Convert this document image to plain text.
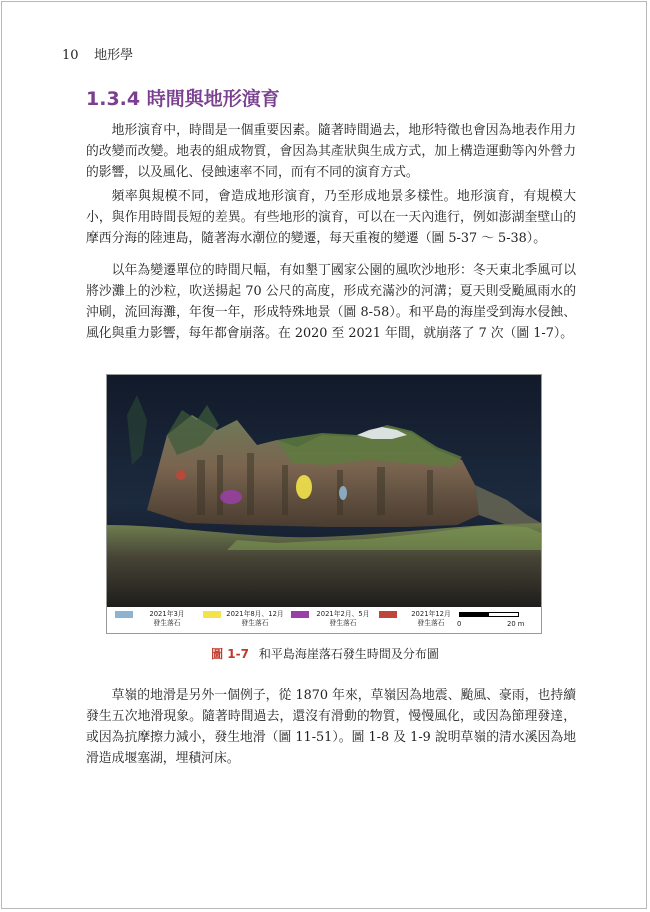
10 地形學
1.3.4 時間與地形演育

地形演育中，時間是一個重要因素。隨著時間過去，地形特徵也會因為地表作用力的改變而改變。地表的組成物質，會因為其產狀與生成方式，加上構造運動等內外營力的影響，以及風化、侵蝕速率不同，而有不同的演育方式。

頻率與規模不同，會造成地形演育，乃至形成地景多樣性。地形演育，有規模大小，與作用時間長短的差異。有些地形的演育，可以在一天內進行，例如澎湖奎壁山的摩西分海的陸連島，隨著海水潮位的變遷，每天重複的變遷（圖 5-37 ～ 5-38）。

以年為變遷單位的時間尺幅，有如墾丁國家公園的風吹沙地形：冬天東北季風可以將沙灘上的沙粒，吹送揚起 70 公尺的高度，形成充滿沙的河溝；夏天則受颱風雨水的沖刷，流回海灘，年復一年，形成特殊地景（圖 8-58）。和平島的海崖受到海水侵蝕、風化與重力影響，每年都會崩落。在 2020 至 2021 年間，就崩落了 7 次（圖 1-7）。

2021年3月
發生落石
2021年8月、12月
發生落石
2021年2月、5月
發生落石
2021年12月
發生落石	0	20 m
圖 1-7 和平島海崖落石發生時間及分布圖

草嶺的地滑是另外一個例子，從 1870 年來，草嶺因為地震、颱風、豪雨，也持續發生五次地滑現象。隨著時間過去，還沒有滑動的物質，慢慢風化，或因為節理發達，或因為抗摩擦力減小，發生地滑（圖 11-51）。圖 1-8 及 1-9 說明草嶺的清水溪因為地滑造成堰塞湖，埋積河床。
